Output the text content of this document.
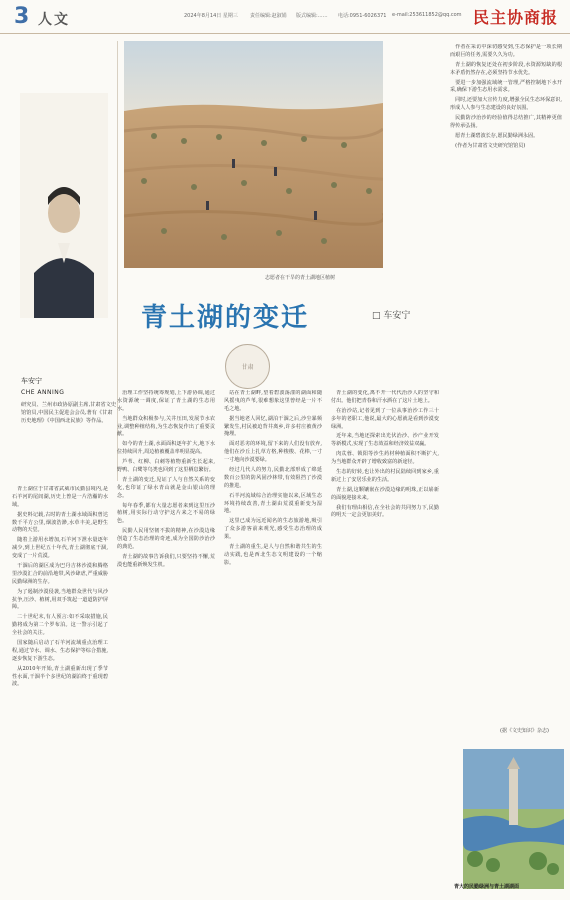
3 人文	2024年8月14日 星期三 责任编辑:赵淑娟 版式编辑:…… 电话:0951-6026371 e-mail:2536118​52@qq.com 民主协商报
车安宁
CHE ANNING
研究员、兰州市政协原副主席,甘肃省文史馆馆员,中国民主促进会会员,著有《甘肃历史地理》《中国西北民族》等作品。
志愿者在干旱的青土湖地区植树
青土湖的变迁	□ 车安宁
甘肃

青土湖位于甘肃省武威市民勤县境内,是石羊河的尾闾湖,历史上曾是一片浩瀚的水域。

据史料记载,古时的青土湖水域面积曾达数千平方公里,烟波浩渺,水草丰美,是野生动物的天堂。

随着上游用水增加,石羊河下泄水量逐年减少,到上世纪五十年代,青土湖彻底干涸,变成了一片荒漠。

干涸后的湖区成为巴丹吉林沙漠和腾格里沙漠汇合的前沿地带,风沙肆虐,严重威胁民勤绿洲的生存。

为了遏制沙漠侵袭,当地群众世代与风沙抗争,压沙、植树,用双手筑起一道道防护屏障。

二十世纪末,有人预言:如不采取措施,民勤将成为第二个罗布泊。这一警示引起了全社会的关注。

国家随后启动了石羊河流域重点治理工程,通过节水、调水、生态保护等综合措施,逐步恢复下游生态。

从2010年开始,青土湖重新出现了季节性水面,干涸半个多世纪的湖泊终于重现碧波。

治理工作坚持统筹规划,上下游协调,通过水资源统一调度,保证了青土湖的生态用水。

当地群众积极参与,关井压田,发展节水农业,调整种植结构,为生态恢复作出了重要贡献。

如今的青土湖,水面面积逐年扩大,地下水位持续回升,周边植被覆盖率明显提高。

芦苇、红柳、白刺等植物重新生长起来,野鸭、白鹭等鸟类也回到了这里栖息繁衍。

青土湖的变迁,见证了人与自然关系的变化,也印证了绿水青山就是金山银山的理念。

每年春季,都有大量志愿者来到这里压沙植树,用实际行动守护这片来之不易的绿色。

民勤人民用坚韧不拔的精神,在沙漠边缘创造了生态治理的奇迹,成为全国防沙治沙的典范。

青土湖的故事告诉我们,只要坚持不懈,荒漠也能重新焕发生机。

站在青土湖畔,望着碧波荡漾的湖面和随风摇曳的芦苇,很难想象这里曾经是一片不毛之地。

据当地老人回忆,湖泊干涸之后,沙尘暴频繁发生,村民被迫背井离乡,许多村庄被黄沙掩埋。

面对恶劣的环境,留下来的人们没有放弃,他们在沙丘上扎草方格,种梭梭、花棒,一寸一寸地向沙漠要绿。

经过几代人的努力,民勤北部形成了绵延数百公里的防风固沙林带,有效阻挡了沙漠的推进。

石羊河流域综合治理实施以来,区域生态环境持续改善,青土湖由荒漠重新变为湿地。

这里已成为远近闻名的生态旅游地,吸引了众多游客前来观光,感受生态治理的成果。

青土湖的重生,是人与自然和谐共生的生动实践,也是西北生态文明建设的一个缩影。

青土湖的变化,离不开一代代治沙人的坚守和付出。他们把青春和汗水洒在了这片土地上。

在治沙站,记者见到了一位从事治沙工作三十多年的老职工,他说,最大的心愿就是看到沙漠变绿洲。

近年来,当地还探索出光伏治沙、沙产业开发等新模式,实现了生态效益和经济效益双赢。

肉苁蓉、锁阳等沙生药材种植面积不断扩大,为当地群众开辟了增收致富的新途径。

生态的好转,也让外出的村民陆续回到家乡,重新过上了安居乐业的生活。

青土湖,这颗镶嵌在沙漠边缘的明珠,正以崭新的面貌迎接未来。

我们有理由相信,在全社会的共同努力下,民勤的明天一定会更加美好。

作者在采访中深切感受到,生态保护是一项长期而艰巨的任务,需要久久为功。

青土湖的恢复还处在初步阶段,水资源短缺的根本矛盾仍然存在,必须坚持节水优先。

要进一步加强流域统一管理,严格控制地下水开采,确保下游生态用水需求。

同时,还要加大宣传力度,增强全民生态环保意识,形成人人参与生态建设的良好氛围。

民勤防沙治沙的经验值得总结推广,其精神更值得传承弘扬。

愿青土湖碧波长存,愿民勤绿洲永固。

(作者为甘肃省文史研究馆馆员)

(据《文史知识》杂志)
青大的民勤绿洲与青土湖湖面
